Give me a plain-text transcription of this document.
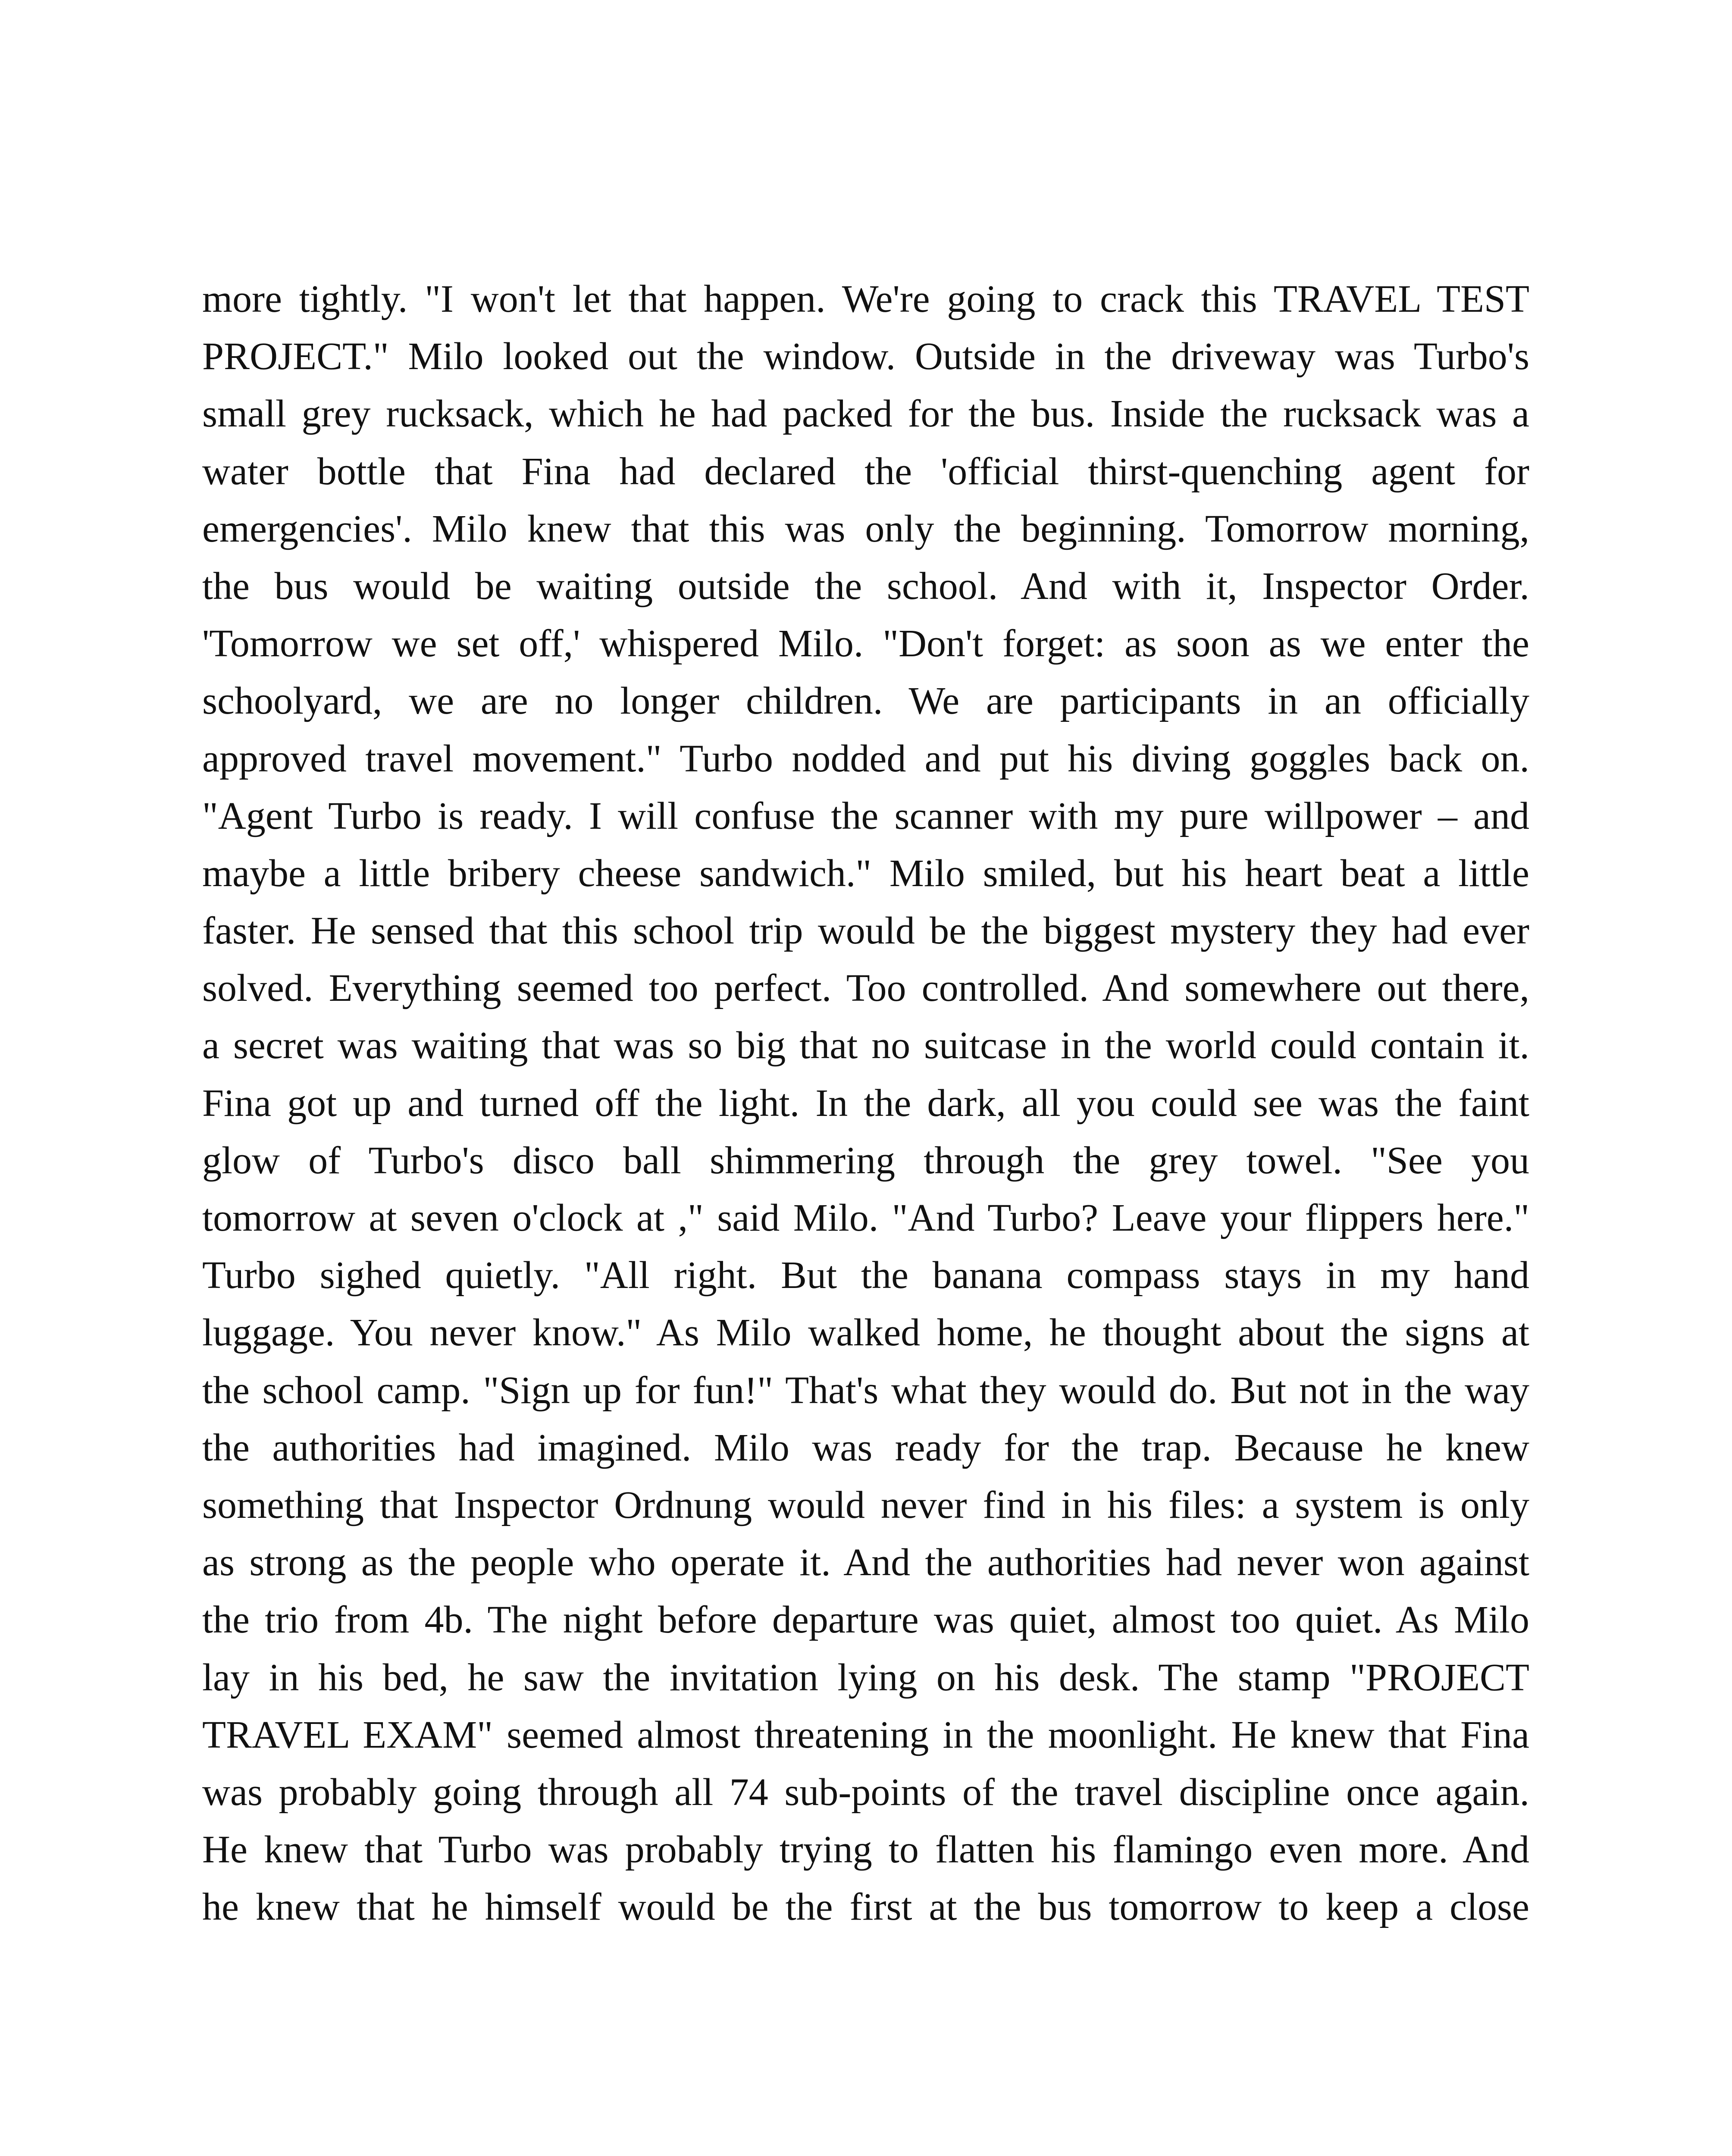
more tightly. "I won't let that happen. We're going to crack this TRAVEL TEST
PROJECT." Milo looked out the window. Outside in the driveway was Turbo's
small grey rucksack, which he had packed for the bus. Inside the rucksack was a
water bottle that Fina had declared the 'official thirst-quenching agent for
emergencies'. Milo knew that this was only the beginning. Tomorrow morning,
the bus would be waiting outside the school. And with it, Inspector Order.
'Tomorrow we set off,' whispered Milo. "Don't forget: as soon as we enter the
schoolyard, we are no longer children. We are participants in an officially
approved travel movement." Turbo nodded and put his diving goggles back on.
"Agent Turbo is ready. I will confuse the scanner with my pure willpower – and
maybe a little bribery cheese sandwich." Milo smiled, but his heart beat a little
faster. He sensed that this school trip would be the biggest mystery they had ever
solved. Everything seemed too perfect. Too controlled. And somewhere out there,
a secret was waiting that was so big that no suitcase in the world could contain it.
Fina got up and turned off the light. In the dark, all you could see was the faint
glow of Turbo's disco ball shimmering through the grey towel. "See you
tomorrow at seven o'clock at ," said Milo. "And Turbo? Leave your flippers here."
Turbo sighed quietly. "All right. But the banana compass stays in my hand
luggage. You never know." As Milo walked home, he thought about the signs at
the school camp. "Sign up for fun!" That's what they would do. But not in the way
the authorities had imagined. Milo was ready for the trap. Because he knew
something that Inspector Ordnung would never find in his files: a system is only
as strong as the people who operate it. And the authorities had never won against
the trio from 4b. The night before departure was quiet, almost too quiet. As Milo
lay in his bed, he saw the invitation lying on his desk. The stamp "PROJECT
TRAVEL EXAM" seemed almost threatening in the moonlight. He knew that Fina
was probably going through all 74 sub-points of the travel discipline once again.
He knew that Turbo was probably trying to flatten his flamingo even more. And
he knew that he himself would be the first at the bus tomorrow to keep a close
